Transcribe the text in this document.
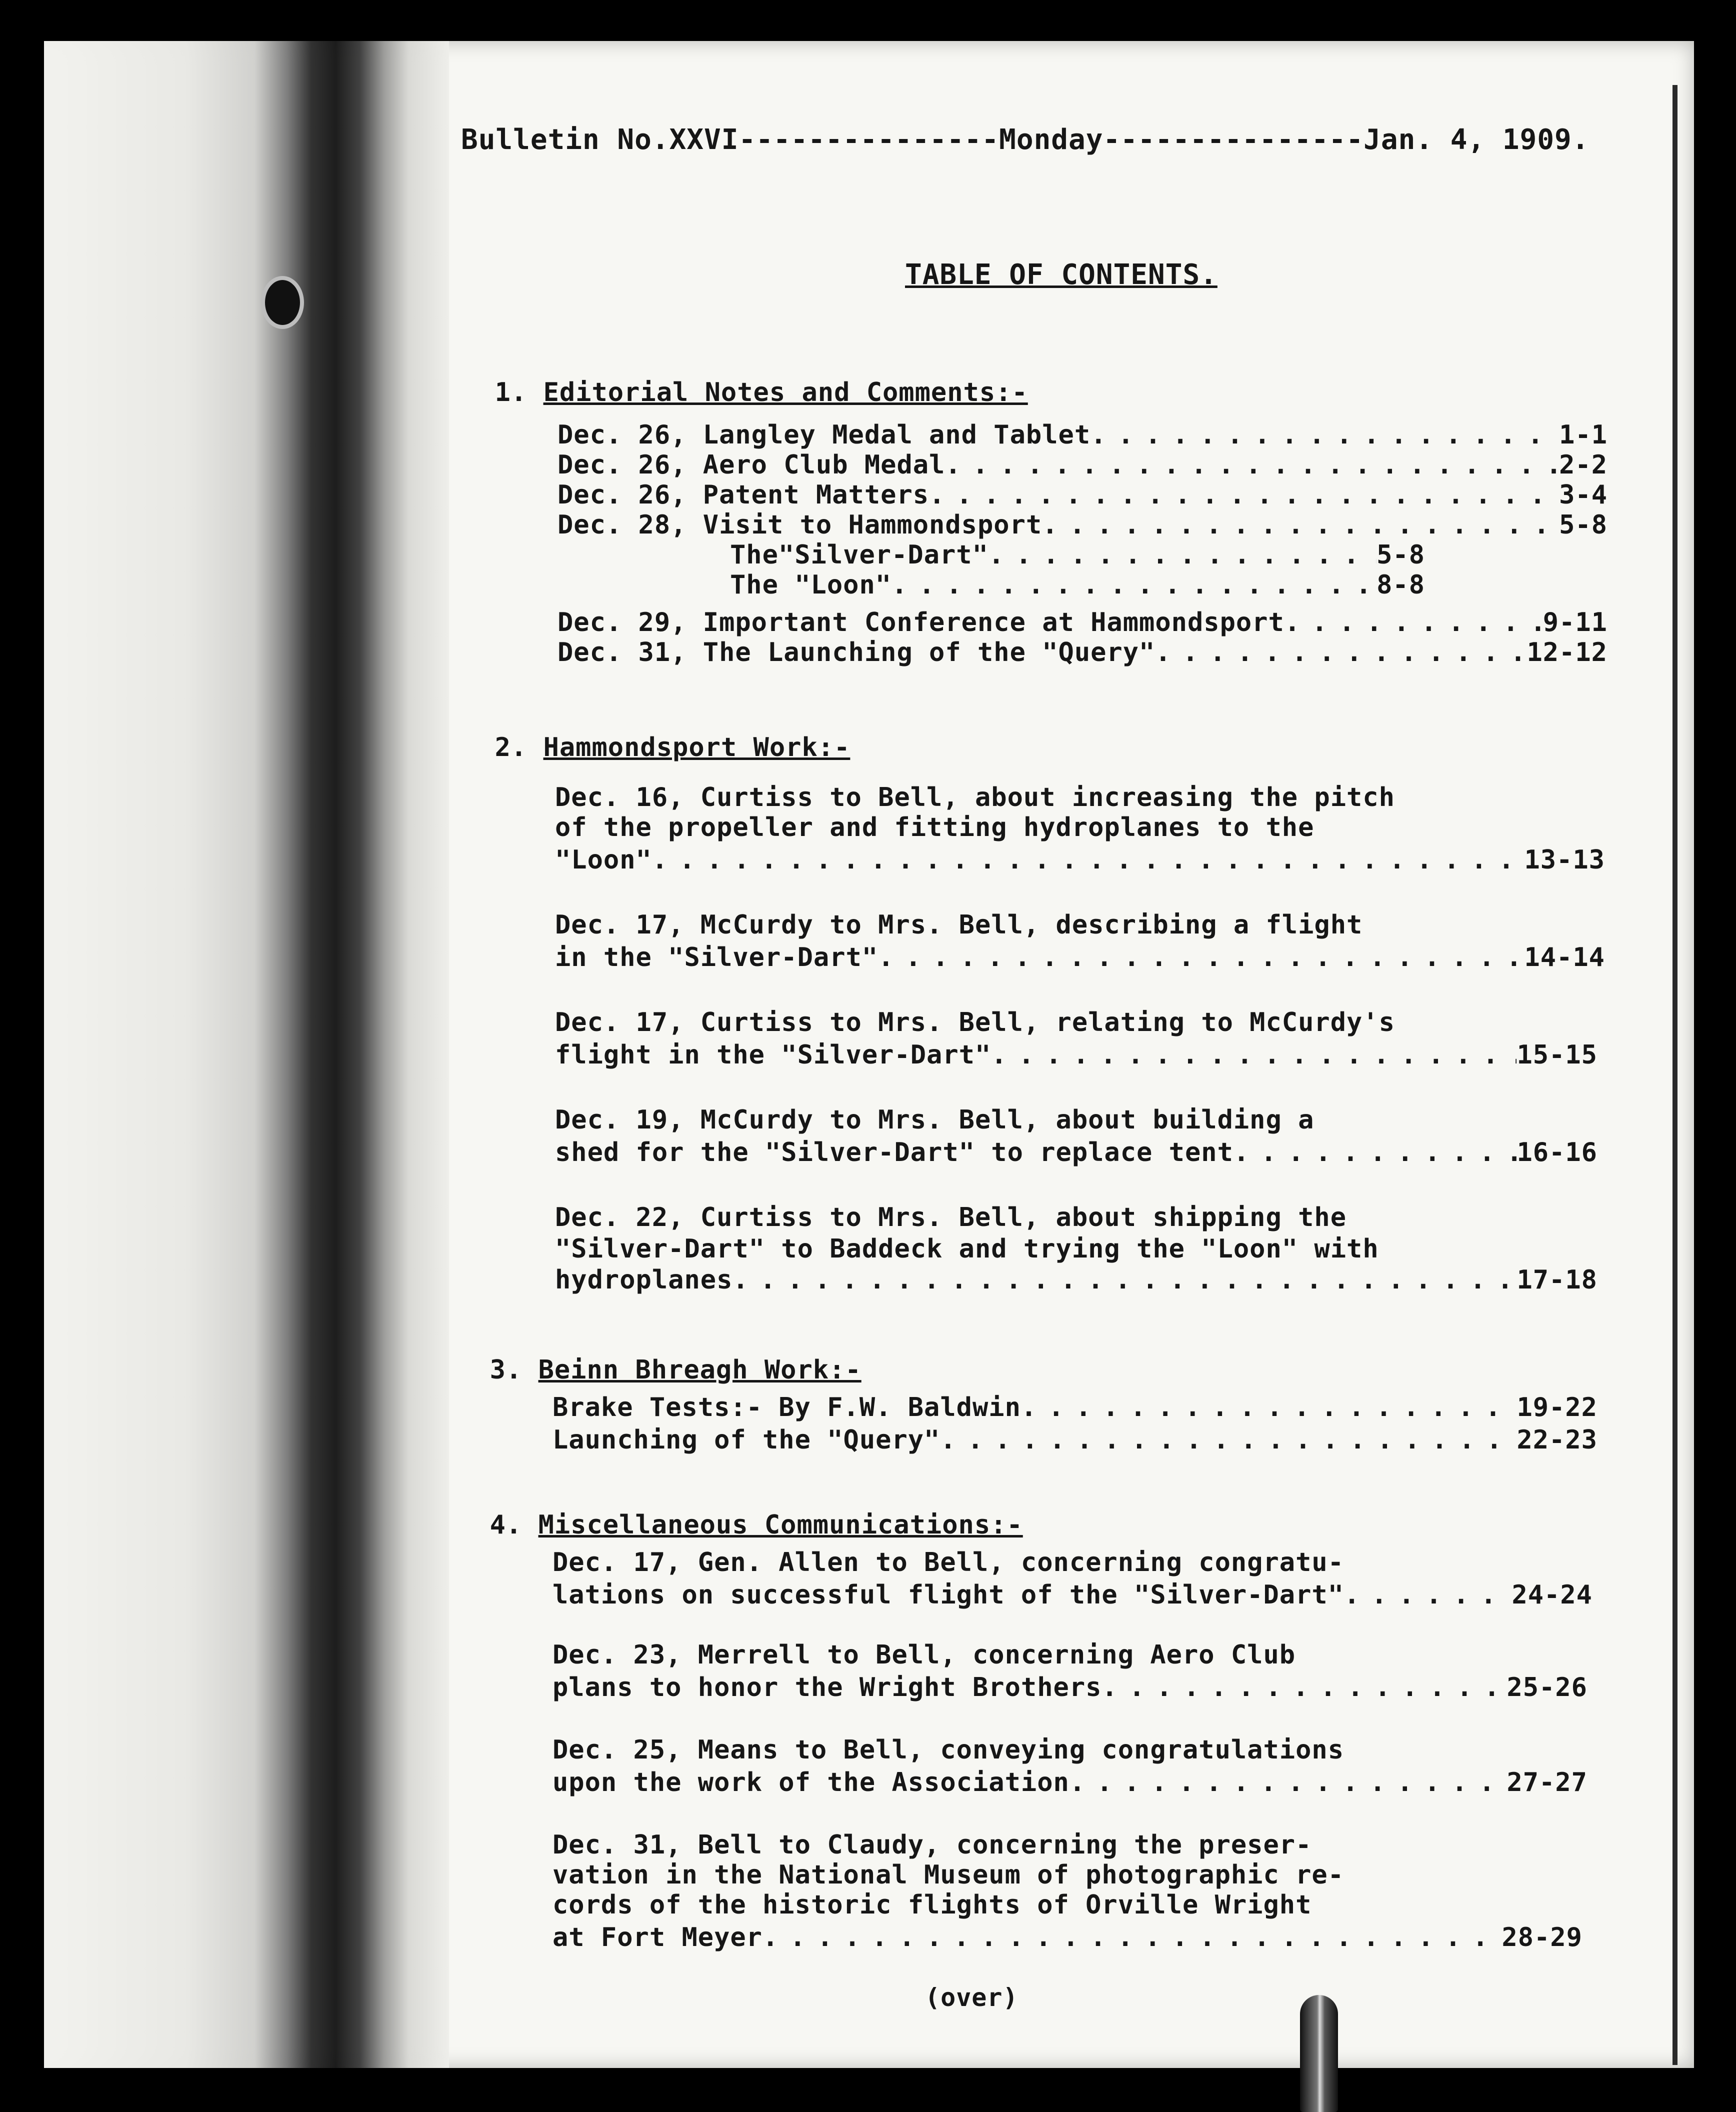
Bulletin No.XXVI---------------Monday---------------Jan. 4, 1909.
TABLE OF CONTENTS.

1. Editorial Notes and Comments:-

Dec. 26, Langley Medal and Tablet . . .	1-1
Dec. 26, Aero Club Medal . . .	2-2
Dec. 26, Patent Matters . . .	3-4
Dec. 28, Visit to Hammondsport . . .	5-8
The"Silver-Dart" . . .	5-8
The "Loon" . . .	8-8
Dec. 29, Important Conference at Hammondsport . . .	9-11
Dec. 31, The Launching of the "Query" . . .	12-12

2. Hammondsport Work:-

Dec. 16, Curtiss to Bell, about increasing the pitch
of the propeller and fitting hydroplanes to the
"Loon" . . .	13-13
Dec. 17, McCurdy to Mrs. Bell, describing a flight
in the "Silver-Dart" . . .	14-14
Dec. 17, Curtiss to Mrs. Bell, relating to McCurdy's
flight in the "Silver-Dart" . . .	15-15
Dec. 19, McCurdy to Mrs. Bell, about building a
shed for the "Silver-Dart" to replace tent . . .	16-16
Dec. 22, Curtiss to Mrs. Bell, about shipping the
"Silver-Dart" to Baddeck and trying the "Loon" with
hydroplanes . . .	17-18

3. Beinn Bhreagh Work:-

Brake Tests:- By F.W. Baldwin . . .	19-22
Launching of the "Query" . . .	22-23

4. Miscellaneous Communications:-

Dec. 17, Gen. Allen to Bell, concerning congratu-
lations on successful flight of the "Silver-Dart" . . .	24-24
Dec. 23, Merrell to Bell, concerning Aero Club
plans to honor the Wright Brothers . . .	25-26
Dec. 25, Means to Bell, conveying congratulations
upon the work of the Association . . .	27-27
Dec. 31, Bell to Claudy, concerning the preser-
vation in the National Museum of photographic re-
cords of the historic flights of Orville Wright
at Fort Meyer . . .	28-29
(over)
